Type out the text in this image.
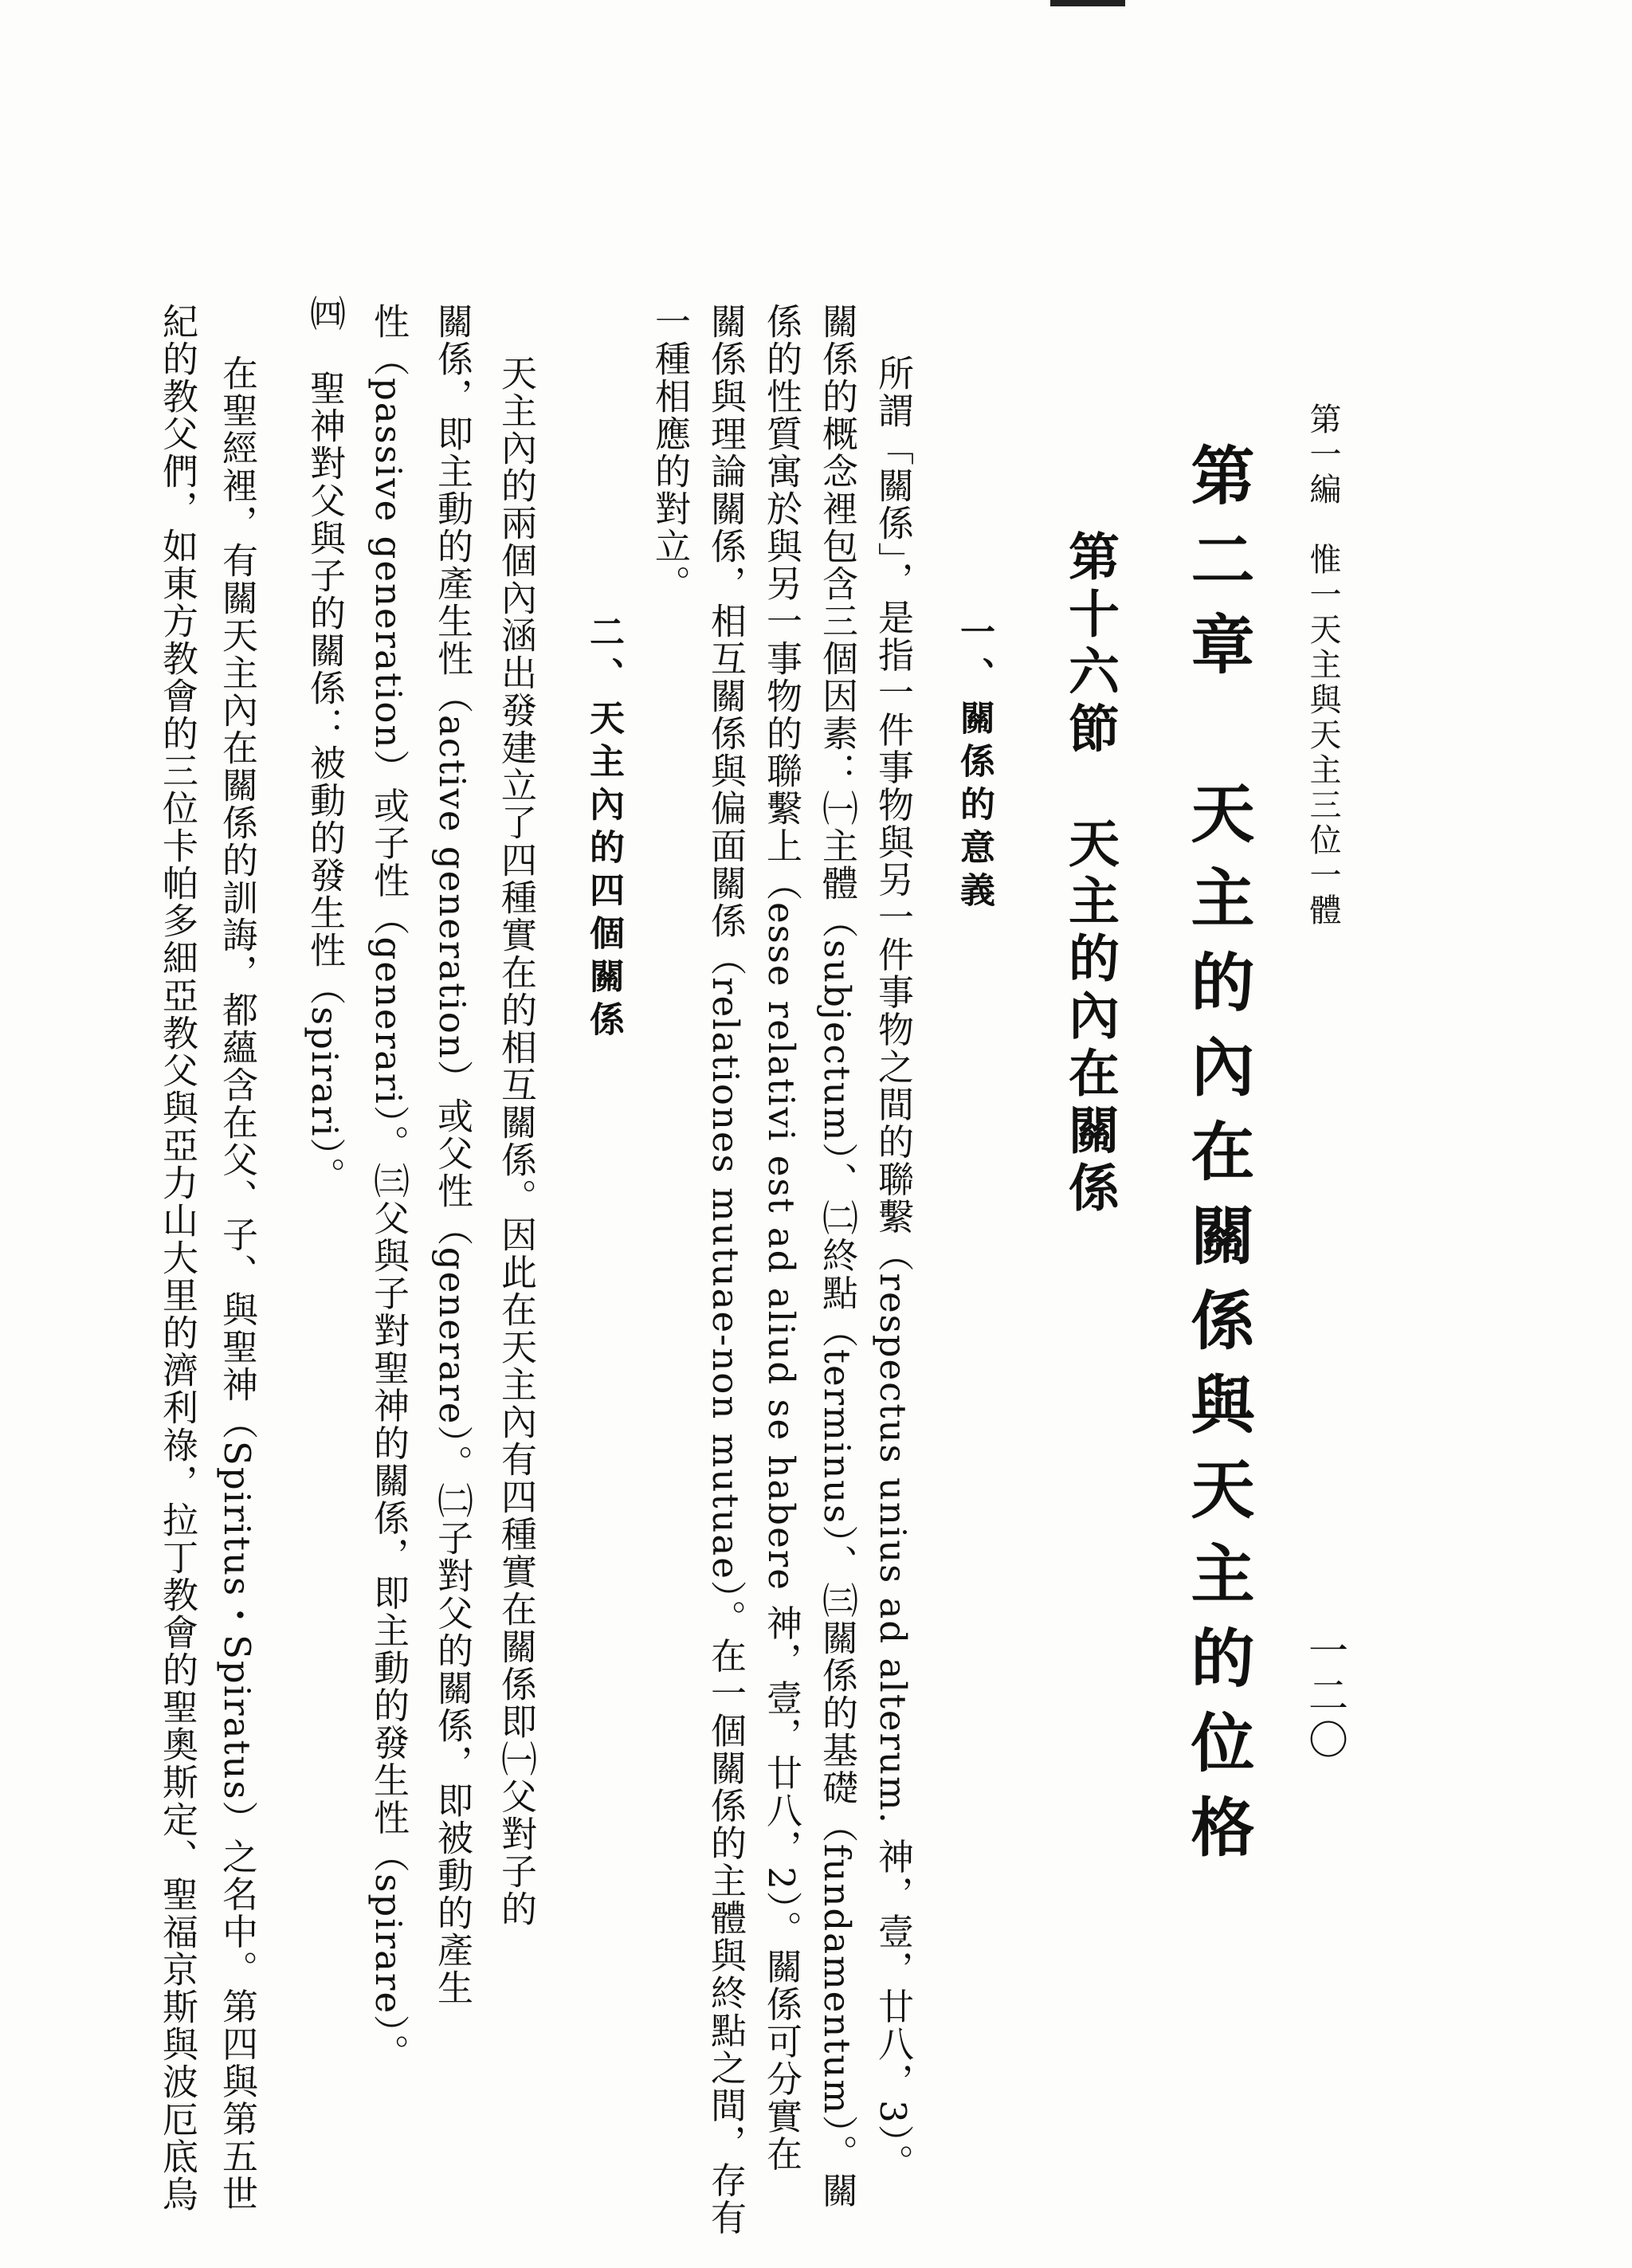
第一編　惟一天主與天主三位一體
一二〇
第二章　天主的內在關係與天主的位格
第十六節　天主的內在關係
一、關係的意義
所謂「關係」，是指一件事物與另一件事物之間的聯繫（respectus unius ad alterum. 神，壹，廿八，3）。
關係的概念裡包含三個因素：㈠主體（subjectum）、㈡終點（terminus）、㈢關係的基礎（fundamentum）。關
係的性質寓於與另一事物的聯繫上（esse relativi est ad aliud se habere 神，壹，廿八，2）。關係可分實在
關係與理論關係，相互關係與偏面關係（relationes mutuae-non mutuae）。在一個關係的主體與終點之間，存有
一種相應的對立。
二、天主內的四個關係
天主內的兩個內涵出發建立了四種實在的相互關係。因此在天主內有四種實在關係即㈠父對子的
關係，即主動的產生性（active generation）或父性（generare）。㈡子對父的關係，即被動的產生
性（passive generation）或子性（generari）。㈢父與子對聖神的關係，即主動的發生性（spirare）。
㈣　聖神對父與子的關係：被動的發生性（spirari）。
在聖經裡，有關天主內在關係的訓誨，都蘊含在父、子、與聖神（Spiritus・Spiratus）之名中。第四與第五世
紀的教父們，如東方教會的三位卡帕多細亞教父與亞力山大里的濟利祿，拉丁教會的聖奧斯定、聖福京斯與波厄底烏
